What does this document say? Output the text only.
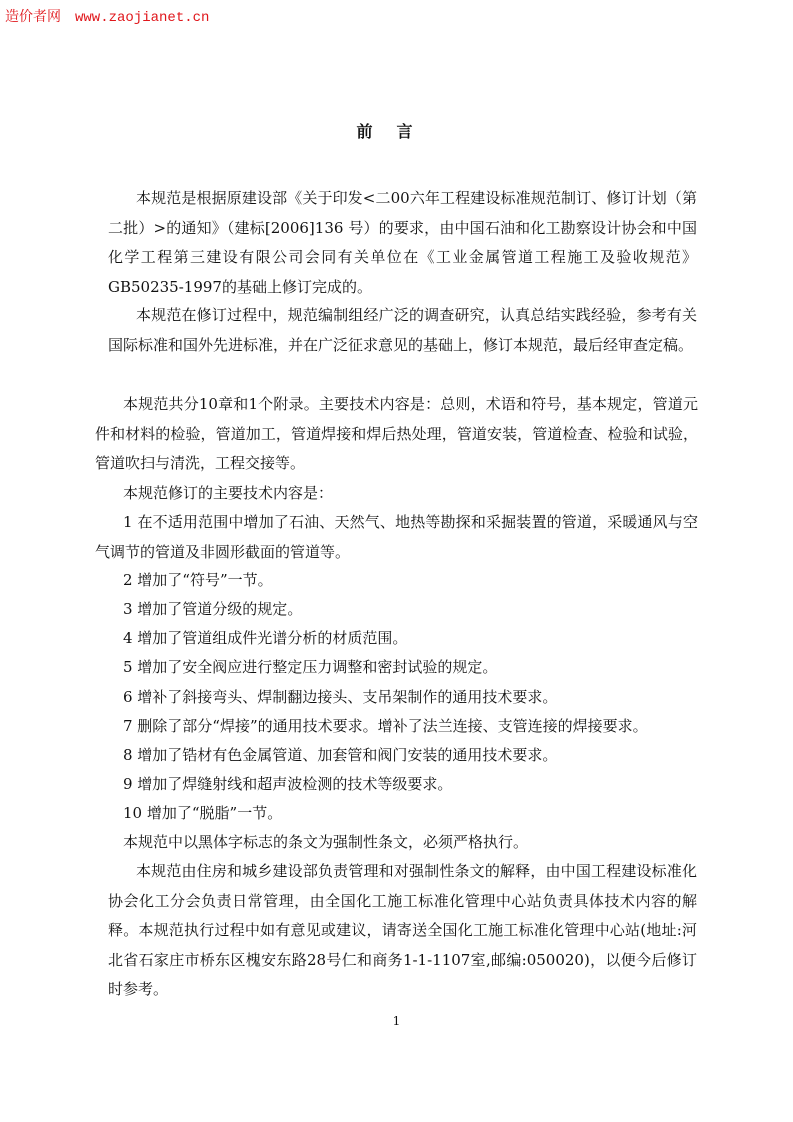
造价者网 www.zaojianet.cn
前言

本规范是根据原建设部《关于印发<二00六年工程建设标准规范制订、修订计划（第二批）>的通知》（建标[2006]136 号）的要求，由中国石油和化工勘察设计协会和中国化学工程第三建设有限公司会同有关单位在《工业金属管道工程施工及验收规范》GB50235-1997的基础上修订完成的。

本规范在修订过程中，规范编制组经广泛的调查研究，认真总结实践经验，参考有关国际标准和国外先进标准，并在广泛征求意见的基础上，修订本规范，最后经审查定稿。

本规范共分10章和1个附录。主要技术内容是：总则，术语和符号，基本规定，管道元件和材料的检验，管道加工，管道焊接和焊后热处理，管道安装，管道检查、检验和试验，管道吹扫与清洗，工程交接等。

本规范修订的主要技术内容是：

1 在不适用范围中增加了石油、天然气、地热等勘探和采掘装置的管道，采暖通风与空气调节的管道及非圆形截面的管道等。

2 增加了“符号”一节。

3 增加了管道分级的规定。

4 增加了管道组成件光谱分析的材质范围。

5 增加了安全阀应进行整定压力调整和密封试验的规定。

6 增补了斜接弯头、焊制翻边接头、支吊架制作的通用技术要求。

7 删除了部分“焊接”的通用技术要求。增补了法兰连接、支管连接的焊接要求。

8 增加了锆材有色金属管道、加套管和阀门安装的通用技术要求。

9 增加了焊缝射线和超声波检测的技术等级要求。

10 增加了“脱脂”一节。

本规范中以黑体字标志的条文为强制性条文，必须严格执行。

本规范由住房和城乡建设部负责管理和对强制性条文的解释，由中国工程建设标准化协会化工分会负责日常管理，由全国化工施工标准化管理中心站负责具体技术内容的解释。本规范执行过程中如有意见或建议，请寄送全国化工施工标准化管理中心站(地址:河北省石家庄市桥东区槐安东路28号仁和商务1-1-1107室,邮编:050020)，以便今后修订时参考。

1
